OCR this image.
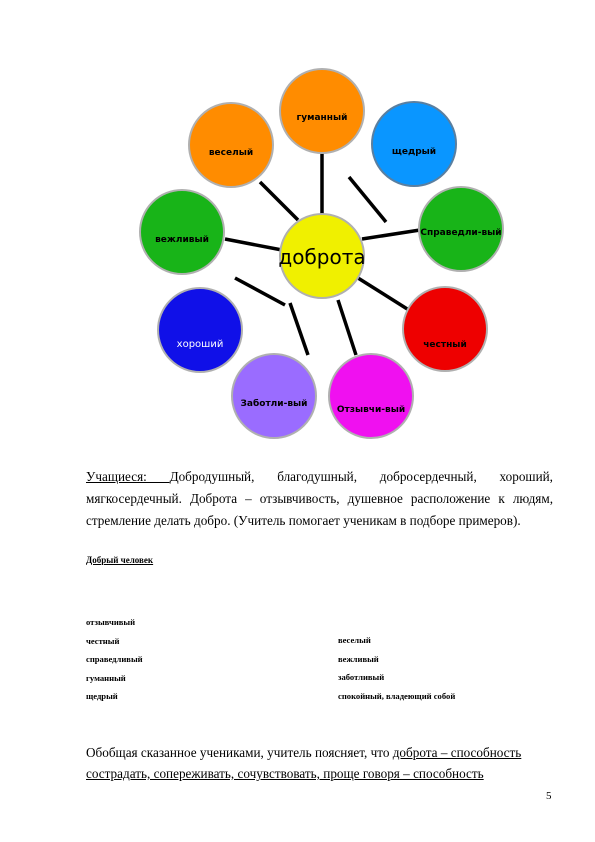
гуманный
щедрый
Справедли-вый
честный
Отзывчи-вый
Заботли-вый
хороший
вежливый
веселый
доброта
Учащиеся: Добродушный, благодушный, добросердечный, хороший, мягкосердечный. Доброта – отзывчивость, душевное расположение к людям, стремление делать добро. (Учитель помогает ученикам в подборе примеров).
Добрый человек
отзывчивый
честный
справедливый
гуманный
щедрый
веселый
вежливый
заботливый
спокойный, владеющий собой
Обобщая сказанное учениками, учитель поясняет, что доброта – способность сострадать, сопереживать, сочувствовать, проще говоря – способность
5
